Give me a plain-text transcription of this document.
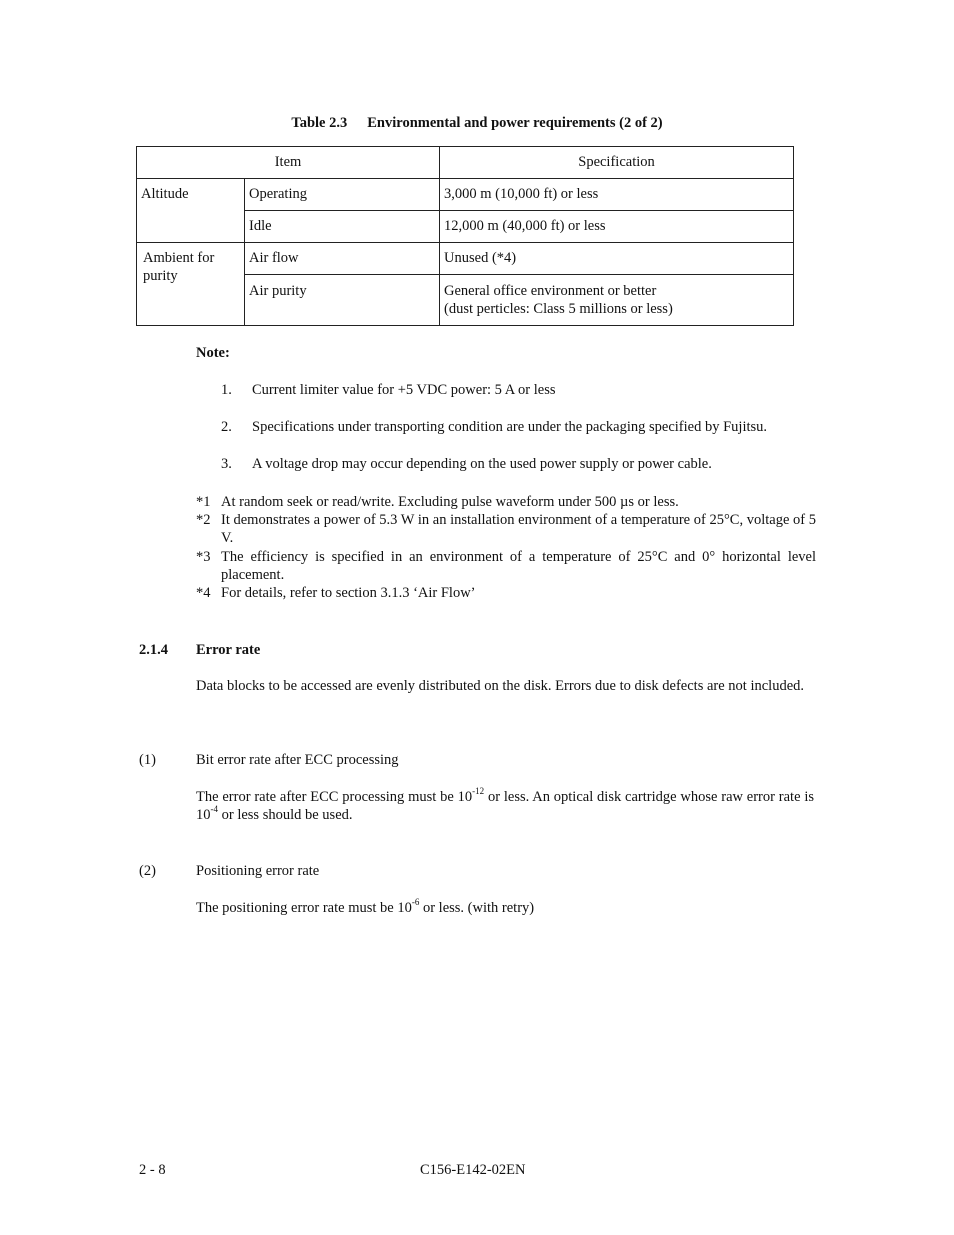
Table 2.3 Environmental and power requirements (2 of 2)
Item		Specification
Altitude	Operating	3,000 m (10,000 ft) or less
	Idle	12,000 m (40,000 ft) or less
Ambient for purity	Air flow	Unused (*4)
	Air purity	General office environment or better
(dust perticles: Class 5 millions or less)
Note:
1. Current limiter value for +5 VDC power: 5 A or less
2. Specifications under transporting condition are under the packaging specified by Fujitsu.
3. A voltage drop may occur depending on the used power supply or power cable.
*1 At random seek or read/write. Excluding pulse waveform under 500 µs or less.
*2 It demonstrates a power of 5.3 W in an installation environment of a temperature of 25°C, voltage of 5 V.
*3 The efficiency is specified in an environment of a temperature of 25°C and 0° horizontal level placement.
*4 For details, refer to section 3.1.3 ‘Air Flow’
2.1.4 Error rate
Data blocks to be accessed are evenly distributed on the disk. Errors due to disk defects are not included.
(1)	Bit error rate after ECC processing
The error rate after ECC processing must be $10^{-12}$ or less. An optical disk cartridge whose raw error rate is $10^{-4}$ or less should be used.
(2)	Positioning error rate
The positioning error rate must be $10^{-6}$ or less. (with retry)
2 - 8	C156-E142-02EN
